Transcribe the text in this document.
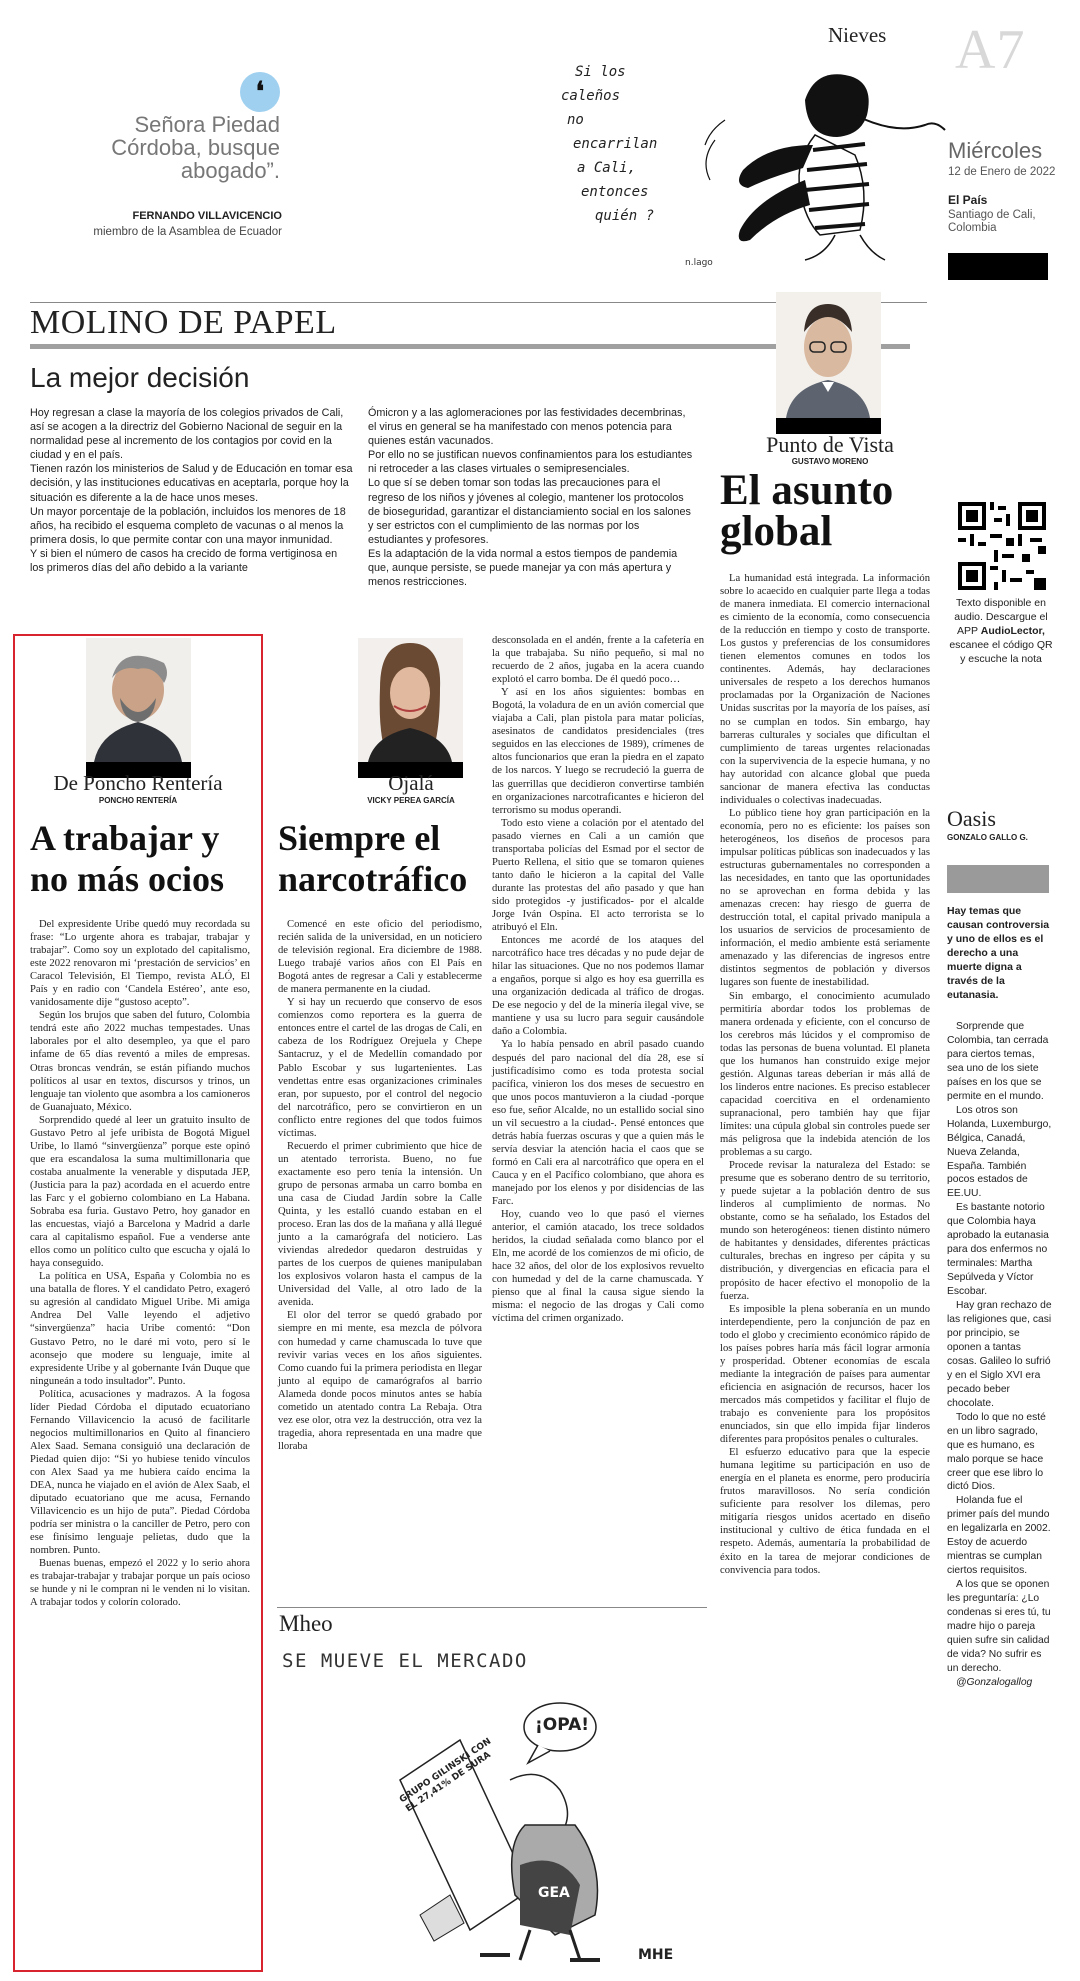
❛
Señora Piedad Córdoba, busque abogado”.
FERNANDO VILLAVICENCIO
miembro de la Asamblea de Ecuador
Nieves
Si los
caleños
no
encarrilan
a Cali,
entonces
quién ?
n.lago
A7
Miércoles
12 de Enero de 2022
El País
Santiago de Cali, Colombia
MOLINO DE PAPEL
La mejor decisión

Hoy regresan a clase la mayoría de los colegios privados de Cali, así se acogen a la directriz del Gobierno Nacional de seguir en la normalidad pese al incremento de los contagios por covid en la ciudad y en el país.

Tienen razón los ministerios de Salud y de Educación en tomar esa decisión, y las instituciones educativas en aceptarla, porque hoy la situación es diferente a la de hace unos meses.

Un mayor porcentaje de la población, incluidos los menores de 18 años, ha recibido el esquema completo de vacunas o al menos la primera dosis, lo que permite contar con una mayor inmunidad.

Y si bien el número de casos ha crecido de forma vertiginosa en los primeros días del año debido a la variante

Ómicron y a las aglomeraciones por las festividades decembrinas, el virus en general se ha manifestado con menos potencia para quienes están vacunados.

Por ello no se justifican nuevos confinamientos para los estudiantes ni retroceder a las clases virtuales o semipresenciales.

Lo que sí se deben tomar son todas las precauciones para el regreso de los niños y jóvenes al colegio, mantener los protocolos de bioseguridad, garantizar el distanciamiento social en los salones y ser estrictos con el cumplimiento de las normas por los estudiantes y profesores.

Es la adaptación de la vida normal a estos tiempos de pandemia que, aunque persiste, se puede manejar ya con más apertura y menos restricciones.

Punto de Vista
GUSTAVO MORENO
El asunto global

La humanidad está integrada. La información sobre lo acaecido en cualquier parte llega a todas de manera inmediata. El comercio internacional es cimiento de la economía, como consecuencia de la reducción en tiempo y costo de transporte. Los gustos y preferencias de los consumidores tienen elementos comunes en todos los continentes. Además, hay declaraciones universales de respeto a los derechos humanos proclamadas por la Organización de Naciones Unidas suscritas por la mayoría de los países, así no se cumplan en todos. Sin embargo, hay barreras culturales y sociales que dificultan el cumplimiento de tareas urgentes relacionadas con la supervivencia de la especie humana, y no hay autoridad con alcance global que pueda sancionar de manera efectiva las conductas individuales o colectivas inadecuadas.

Lo público tiene hoy gran participación en la economía, pero no es eficiente: los países son heterogéneos, los diseños de procesos para impulsar políticas públicas son inadecuados y las estructuras gubernamentales no corresponden a las necesidades, en tanto que las oportunidades no se aprovechan en forma debida y las amenazas crecen: hay riesgo de guerra de destrucción total, el capital privado manipula a los usuarios de servicios de procesamiento de información, el medio ambiente está seriamente amenazado y las diferencias de ingresos entre distintos segmentos de población y diversos lugares son fuente de inestabilidad.

Sin embargo, el conocimiento acumulado permitiría abordar todos los problemas de manera ordenada y eficiente, con el concurso de los cerebros más lúcidos y el compromiso de todas las personas de buena voluntad. El planeta que los humanos han construido exige mejor gestión. Algunas tareas deberían ir más allá de los linderos entre naciones. Es preciso establecer capacidad coercitiva en el ordenamiento supranacional, pero también hay que fijar límites: una cúpula global sin controles puede ser más peligrosa que la indebida atención de los problemas a su cargo.

Procede revisar la naturaleza del Estado: se presume que es soberano dentro de su territorio, y puede sujetar a la población dentro de sus linderos al cumplimiento de normas. No obstante, como se ha señalado, los Estados del mundo son heterogéneos: tienen distinto número de habitantes y densidades, diferentes prácticas culturales, brechas en ingreso per cápita y su distribución, y divergencias en eficacia para el propósito de hacer efectivo el monopolio de la fuerza.

Es imposible la plena soberanía en un mundo interdependiente, pero la conjunción de paz en todo el globo y crecimiento económico rápido de los países pobres haría más fácil lograr armonía y prosperidad. Obtener economías de escala mediante la integración de países para aumentar eficiencia en asignación de recursos, hacer los mercados más competidos y facilitar el flujo de trabajo es conveniente para los propósitos enunciados, sin que ello impida fijar linderos diferentes para propósitos penales o culturales.

El esfuerzo educativo para que la especie humana legitime su participación en uso de energía en el planeta es enorme, pero produciría frutos maravillosos. No sería condición suficiente para resolver los dilemas, pero mitigaría riesgos unidos acertado en diseño institucional y cultivo de ética fundada en el respeto. Además, aumentaría la probabilidad de éxito en la tarea de mejorar condiciones de convivencia para todos.

Texto disponible en audio. Descargue el APP AudioLector, escanee el código QR y escuche la nota
Oasis
GONZALO GALLO G.
Hay temas que causan controversia y uno de ellos es el derecho a una muerte digna a través de la eutanasia.

Sorprende que Colombia, tan cerrada para ciertos temas, sea uno de los siete países en los que se permite en el mundo.

Los otros son Holanda, Luxemburgo, Bélgica, Canadá, Nueva Zelanda, España. También pocos estados de EE.UU.

Es bastante notorio que Colombia haya aprobado la eutanasia para dos enfermos no terminales: Martha Sepúlveda y Víctor Escobar.

Hay gran rechazo de las religiones que, casi por principio, se oponen a tantas cosas. Galileo lo sufrió y en el Siglo XVI era pecado beber chocolate.

Todo lo que no esté en un libro sagrado, que es humano, es malo porque se hace creer que ese libro lo dictó Dios.

Holanda fue el primer país del mundo en legalizarla en 2002. Estoy de acuerdo mientras se cumplan ciertos requisitos.

A los que se oponen les preguntaría: ¿Lo condenas si eres tú, tu madre hijo o pareja quien sufre sin calidad de vida? No sufrir es un derecho.

@Gonzalogallog

De Poncho Rentería
PONCHO RENTERÍA
A trabajar y no más ocios

Del expresidente Uribe quedó muy recordada su frase: “Lo urgente ahora es trabajar, trabajar y trabajar”. Como soy un explotado del capitalismo, este 2022 renovaron mi ‘prestación de servicios’ en Caracol Televisión, El Tiempo, revista ALÓ, El País y en radio con ‘Candela Estéreo’, ante eso, vanidosamente dije “gustoso acepto”.

Según los brujos que saben del futuro, Colombia tendrá este año 2022 muchas tempestades. Unas laborales por el alto desempleo, ya que el paro infame de 65 días reventó a miles de empresas. Otras broncas vendrán, se están pifiando muchos políticos al usar en textos, discursos y trinos, un lenguaje tan violento que asombra a los camioneros de Guanajuato, México.

Sorprendido quedé al leer un gratuito insulto de Gustavo Petro al jefe uribista de Bogotá Miguel Uribe, lo llamó “sinvergüenza” porque este opinó que era escandalosa la suma multimillonaria que costaba anualmente la venerable y disputada JEP, (Justicia para la paz) acordada en el acuerdo entre las Farc y el gobierno colombiano en La Habana. Sobraba esa furia. Gustavo Petro, hoy ganador en las encuestas, viajó a Barcelona y Madrid a darle cara al capitalismo español. Fue a venderse ante ellos como un político culto que escucha y ojalá lo haya conseguido.

La política en USA, España y Colombia no es una batalla de flores. Y el candidato Petro, exageró su agresión al candidato Miguel Uribe. Mi amiga Andrea Del Valle leyendo el adjetivo “sinvergüenza” hacia Uribe comentó: “Don Gustavo Petro, no le daré mi voto, pero sí le aconsejo que modere su lenguaje, imite al expresidente Uribe y al gobernante Iván Duque que ninguneán a todo insultador”. Punto.

Política, acusaciones y madrazos. A la fogosa líder Piedad Córdoba el diputado ecuatoriano Fernando Villavicencio la acusó de facilitarle negocios multimillonarios en Quito al financiero Alex Saad. Semana consiguió una declaración de Piedad quien dijo: “Si yo hubiese tenido vínculos con Alex Saad ya me hubiera caído encima la DEA, nunca he viajado en el avión de Alex Saab, el diputado ecuatoriano que me acusa, Fernando Villavicencio es un hijo de puta”. Piedad Córdoba podría ser ministra o la canciller de Petro, pero con ese finísimo lenguaje pelietas, dudo que la nombren. Punto.

Buenas buenas, empezó el 2022 y lo serio ahora es trabajar-trabajar y trabajar porque un país ocioso se hunde y ni le compran ni le venden ni lo visitan. A trabajar todos y colorín colorado.

Ojalá
VICKY PEREA GARCÍA
Siempre el narcotráfico

Comencé en este oficio del periodismo, recién salida de la universidad, en un noticiero de televisión regional. Era diciembre de 1988. Luego trabajé varios años con El País en Bogotá antes de regresar a Cali y establecerme de manera permanente en la ciudad.

Y si hay un recuerdo que conservo de esos comienzos como reportera es la guerra de entonces entre el cartel de las drogas de Cali, en cabeza de los Rodríguez Orejuela y Chepe Santacruz, y el de Medellín comandado por Pablo Escobar y sus lugartenientes. Las vendettas entre esas organizaciones criminales eran, por supuesto, por el control del negocio del narcotráfico, pero se convirtieron en un conflicto entre regiones del que todos fuimos víctimas.

Recuerdo el primer cubrimiento que hice de un atentado terrorista. Bueno, no fue exactamente eso pero tenía la intensión. Un grupo de personas armaba un carro bomba en una casa de Ciudad Jardín sobre la Calle Quinta, y les estalló cuando estaban en el proceso. Eran las dos de la mañana y allá llegué junto a la camarógrafa del noticiero. Las viviendas alrededor quedaron destruidas y partes de los cuerpos de quienes manipulaban los explosivos volaron hasta el campus de la Universidad del Valle, al otro lado de la avenida.

El olor del terror se quedó grabado por siempre en mi mente, esa mezcla de pólvora con humedad y carne chamuscada lo tuve que revivir varias veces en los años siguientes. Como cuando fui la primera periodista en llegar junto al equipo de camarógrafos al barrio Alameda donde pocos minutos antes se había cometido un atentado contra La Rebaja. Otra vez ese olor, otra vez la destrucción, otra vez la tragedia, ahora representada en una madre que lloraba

desconsolada en el andén, frente a la cafetería en la que trabajaba. Su niño pequeño, si mal no recuerdo de 2 años, jugaba en la acera cuando explotó el carro bomba. De él quedó poco…

Y así en los años siguientes: bombas en Bogotá, la voladura de en un avión comercial que viajaba a Cali, plan pistola para matar policías, asesinatos de candidatos presidenciales (tres seguidos en las elecciones de 1989), crímenes de altos funcionarios que eran la piedra en el zapato de los narcos. Y luego se recrudeció la guerra de las guerrillas que decidieron convertirse también en organizaciones narcotraficantes e hicieron del terrorismo su modus operandi.

Todo esto viene a colación por el atentado del pasado viernes en Cali a un camión que transportaba policías del Esmad por el sector de Puerto Rellena, el sitio que se tomaron quienes tanto daño le hicieron a la capital del Valle durante las protestas del año pasado y que han sido protegidos -y justificados- por el alcalde Jorge Iván Ospina. El acto terrorista se lo atribuyó el Eln.

Entonces me acordé de los ataques del narcotráfico hace tres décadas y no pude dejar de hilar las situaciones. Que no nos podemos llamar a engaños, porque si algo es hoy esa guerrilla es una organización dedicada al tráfico de drogas. De ese negocio y del de la minería ilegal vive, se mantiene y usa su lucro para seguir causándole daño a Colombia.

Ya lo había pensado en abril pasado cuando después del paro nacional del día 28, ese sí justificadísimo como es toda protesta social pacífica, vinieron los dos meses de secuestro en que unos pocos mantuvieron a la ciudad -porque eso fue, señor Alcalde, no un estallido social sino un vil secuestro a la ciudad-. Pensé entonces que detrás había fuerzas oscuras y que a quien más le servía desviar la atención hacia el caos que se formó en Cali era al narcotráfico que opera en el Cauca y en el Pacífico colombiano, que ahora es manejado por los elenos y por disidencias de las Farc.

Hoy, cuando veo lo que pasó el viernes anterior, el camión atacado, los trece soldados heridos, la ciudad señalada como blanco por el Eln, me acordé de los comienzos de mi oficio, de hace 32 años, del olor de los explosivos revuelto con humedad y del de la carne chamuscada. Y pienso que al final la causa sigue siendo la misma: el negocio de las drogas y Cali como víctima del crimen organizado.

Mheo
SE MUEVE EL MERCADO
¡OPA!
GRUPO GILINSKI CON EL 27,41% DE SURA
GEA
MHE
